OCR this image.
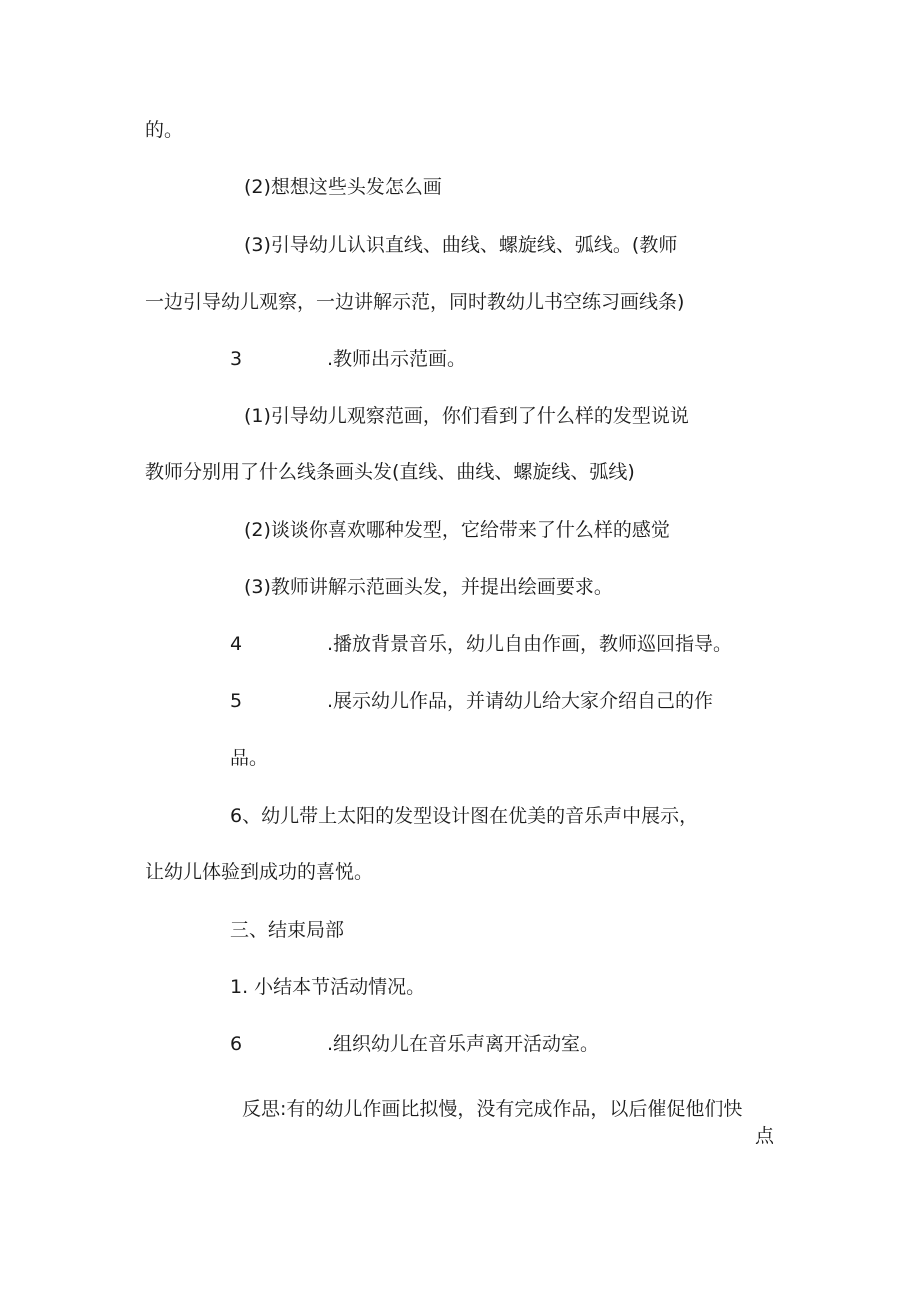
的。
(2)想想这些头发怎么画
(3)引导幼儿认识直线、曲线、螺旋线、弧线。(教师
一边引导幼儿观察，一边讲解示范，同时教幼儿书空练习画线条)
3	.教师出示范画。
(1)引导幼儿观察范画，你们看到了什么样的发型说说
教师分别用了什么线条画头发(直线、曲线、螺旋线、弧线)
(2)谈谈你喜欢哪种发型，它给带来了什么样的感觉
(3)教师讲解示范画头发，并提出绘画要求。
4	.播放背景音乐，幼儿自由作画，教师巡回指导。
5	.展示幼儿作品，并请幼儿给大家介绍自己的作
品。
6、幼儿带上太阳的发型设计图在优美的音乐声中展示，
让幼儿体验到成功的喜悦。
三、结束局部
1. 小结本节活动情况。
6	.组织幼儿在音乐声离开活动室。
反思:有的幼儿作画比拟慢，没有完成作品，以后催促他们快
点
